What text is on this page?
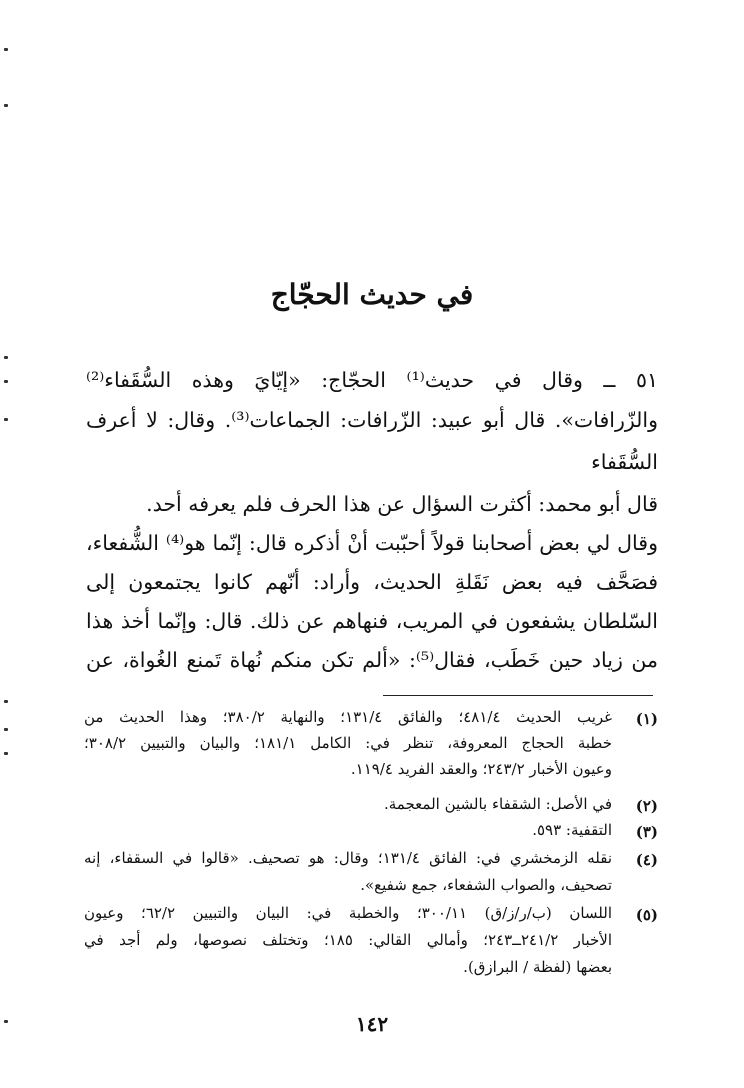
في حديث الحجّاج
٥١ ــ وقال في حديث⁽¹⁾ الحجّاج: «إيّايَ وهذه السُّقَفاء⁽²⁾
والزّرافات». قال أبو عبيد: الزّرافات: الجماعات⁽³⁾. وقال: لا أعرف
السُّقَفاء
قال أبو محمد: أكثرت السؤال عن هذا الحرف فلم يعرفه أحد.
وقال لي بعض أصحابنا قولاً أحبّبت أنْ أذكره قال: إنّما هو⁽⁴⁾ الشُّفعاء،
فصَحَّف فيه بعض نَقَلةِ الحديث، وأراد: أنّهم كانوا يجتمعون إلى
السّلطان يشفعون في المريب، فنهاهم عن ذلك. قال: وإنّما أخذ هذا
من زياد حين خَطَب، فقال⁽⁵⁾: «ألم تكن منكم نُهاة تَمنع الغُواة، عن
(١)
غريب الحديث ٤٨١/٤؛ والفائق ١٣١/٤؛ والنهاية ٣٨٠/٢؛ وهذا الحديث من
خطبة الحجاج المعروفة، تنظر في: الكامل ١٨١/١؛ والبيان والتبيين ٣٠٨/٢؛
وعيون الأخبار ٢٤٣/٢؛ والعقد الفريد ١١٩/٤.
(٢)
في الأصل: الشقفاء بالشين المعجمة.
(٣)
التقفية: ٥٩٣.
(٤)
نقله الزمخشري في: الفائق ١٣١/٤؛ وقال: هو تصحيف. «قالوا في السقفاء، إنه
تصحيف، والصواب الشفعاء، جمع شفيع».
(٥)
اللسان (ب/ر/ز/ق) ٣٠٠/١١؛ والخطبة في: البيان والتبيين ٦٢/٢؛ وعيون
الأخبار ٢٤١/٢ــ٢٤٣؛ وأمالي القالي: ١٨٥؛ وتختلف نصوصها، ولم أجد في
بعضها (لفظة / البرازق).
١٤٢
